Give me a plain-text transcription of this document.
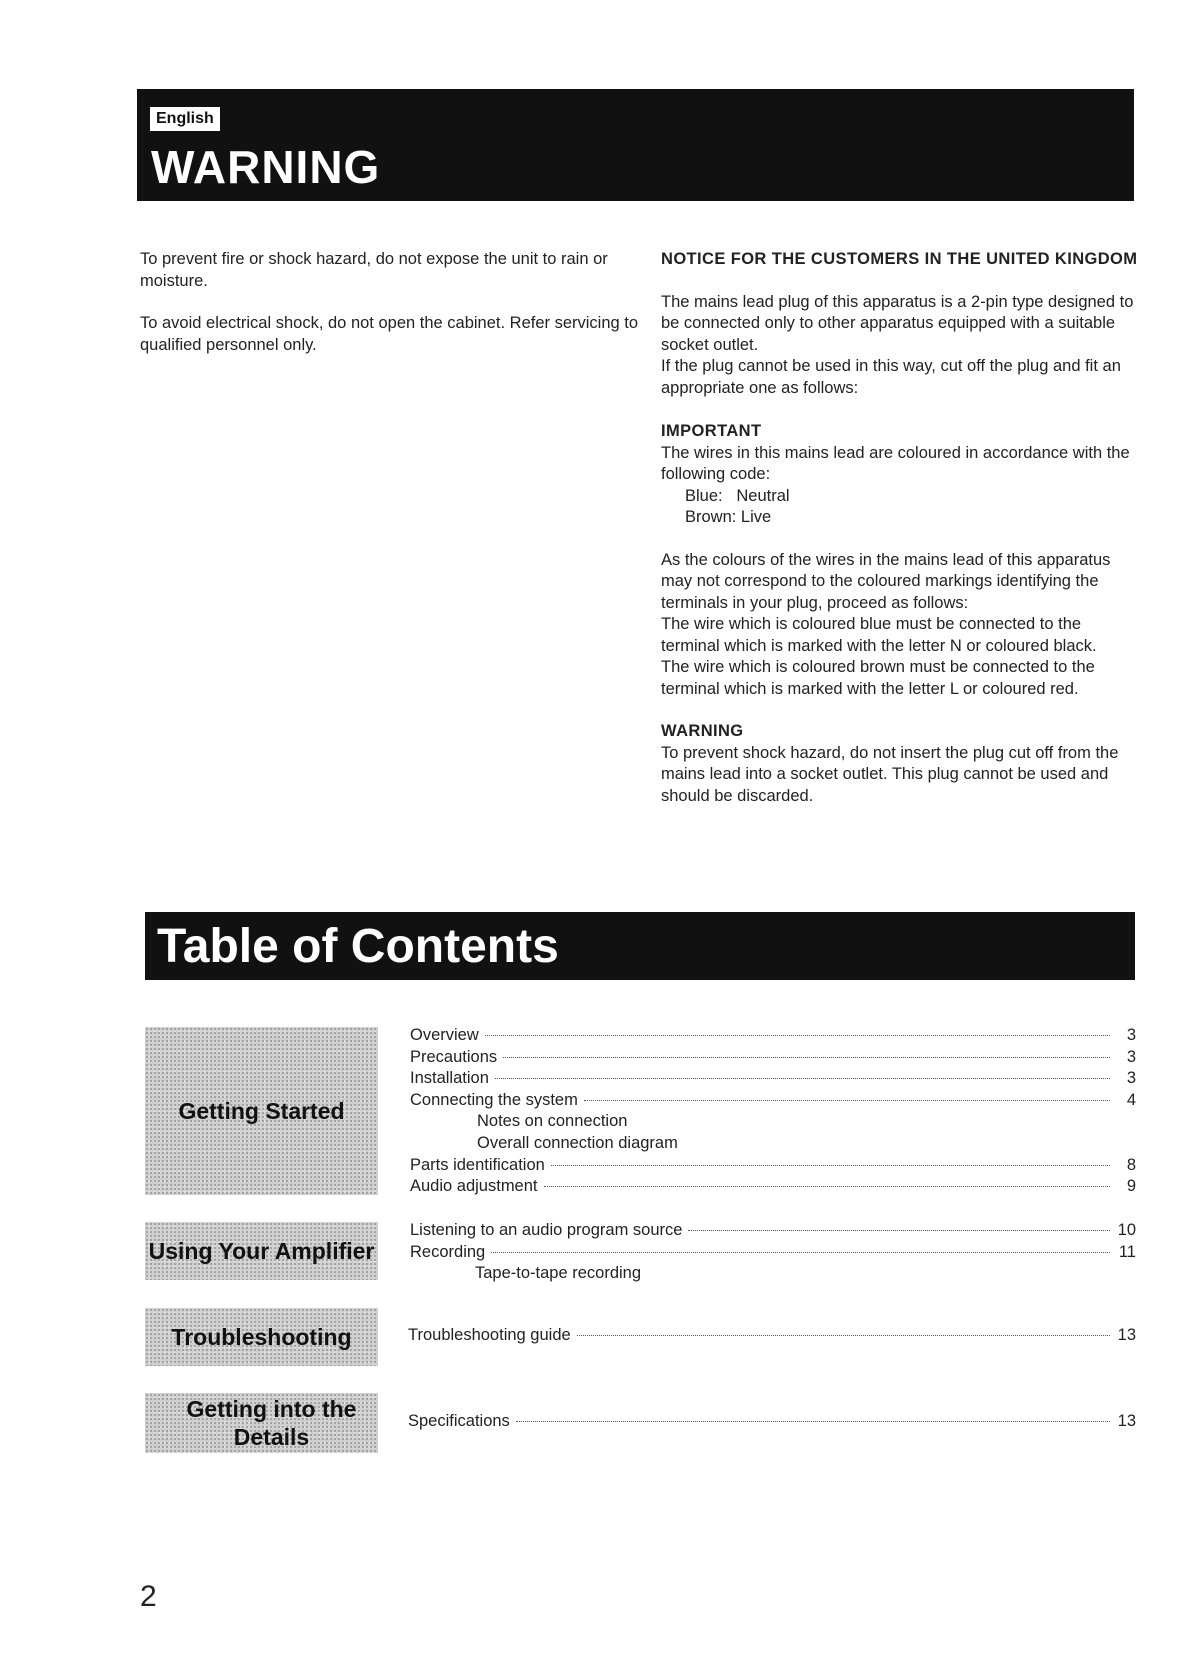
English
WARNING

To prevent fire or shock hazard, do not expose the unit to rain or moisture.

To avoid electrical shock, do not open the cabinet. Refer servicing to qualified personnel only.

NOTICE FOR THE CUSTOMERS IN THE UNITED KINGDOM
The mains lead plug of this apparatus is a 2-pin type designed to be connected only to other apparatus equipped with a suitable socket outlet.
If the plug cannot be used in this way, cut off the plug and fit an appropriate one as follows:
IMPORTANT
The wires in this mains lead are coloured in accordance with the following code:
Blue:   Neutral
Brown: Live
As the colours of the wires in the mains lead of this apparatus may not correspond to the coloured markings identifying the terminals in your plug, proceed as follows:
The wire which is coloured blue must be connected to the terminal which is marked with the letter N or coloured black.
The wire which is coloured brown must be connected to the terminal which is marked with the letter L or coloured red.
WARNING
To prevent shock hazard, do not insert the plug cut off from the mains lead into a socket outlet. This plug cannot be used and should be discarded.
Table of Contents
Getting Started
Overview	3
Precautions	3
Installation	3
Connecting the system	4
Notes on connection
Overall connection diagram
Parts identification	8
Audio adjustment	9
Using Your Amplifier
Listening to an audio program source	10
Recording	11
Tape-to-tape recording
Troubleshooting	Troubleshooting guide	13
Getting into the Details
Specifications	13
2
